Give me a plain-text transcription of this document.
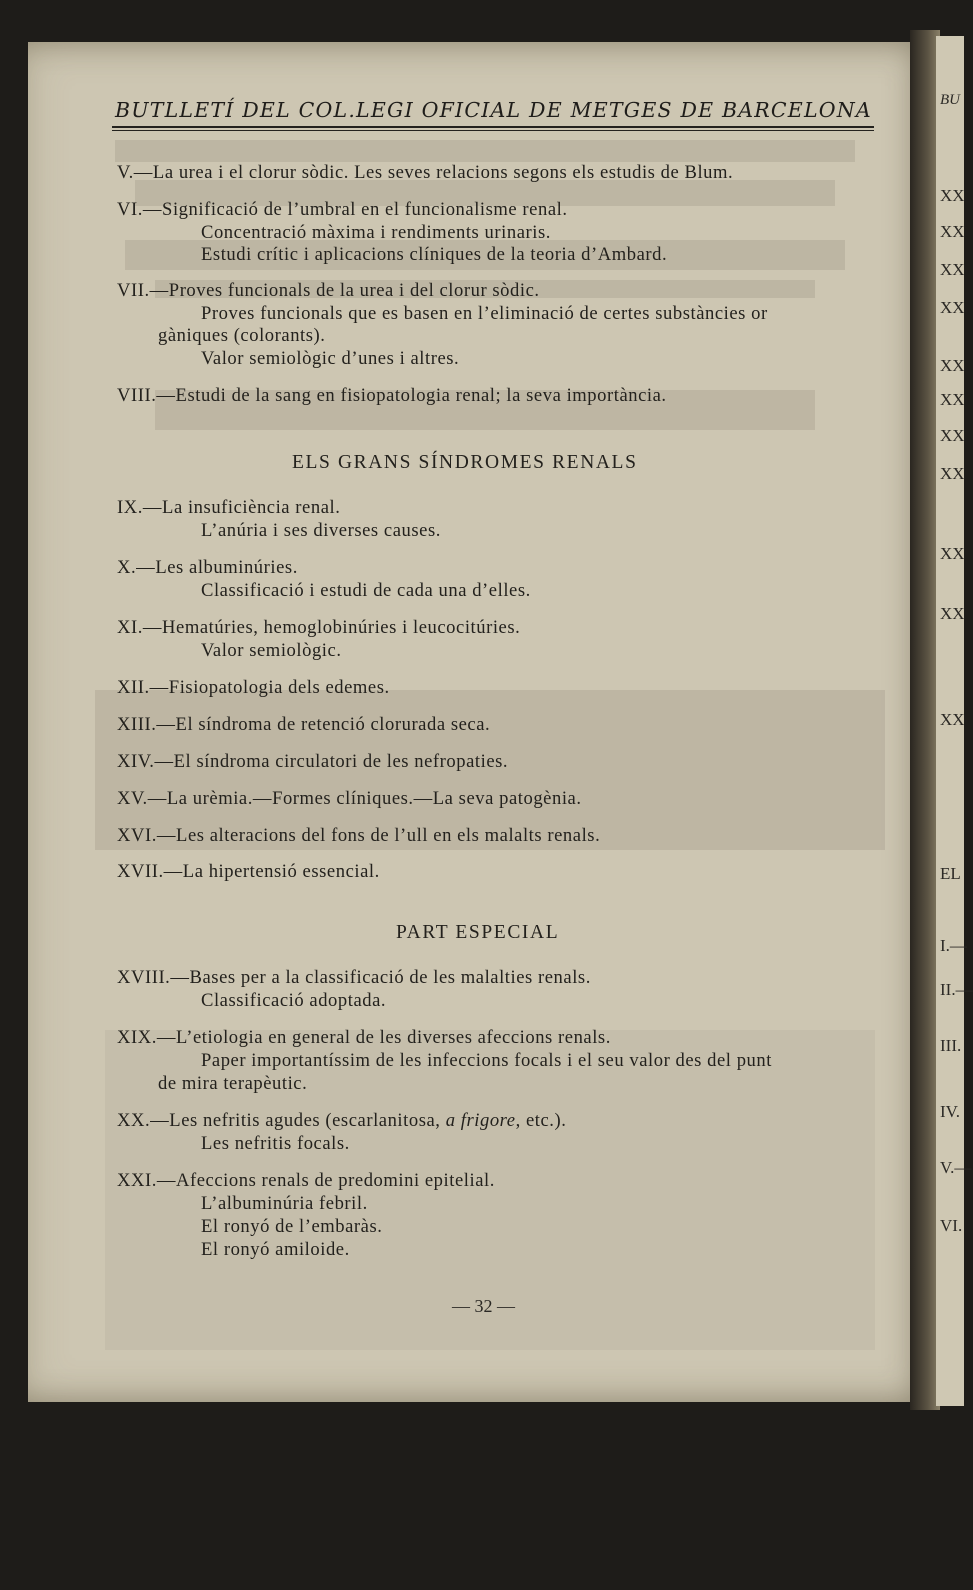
BU
XX
XX
XX
XX
XX
XX
XX
XX
XX
XX
XX
EL
I.—
II.—
III.
IV.
V.—
VI.
BUTLLETÍ DEL COL.LEGI OFICIAL DE METGES DE BARCELONA
V.—La urea i el clorur sòdic. Les seves relacions segons els estudis de Blum.
VI.—Significació de l’umbral en el funcionalisme renal.
Concentració màxima i rendiments urinaris.
Estudi crític i aplicacions clíniques de la teoria d’Ambard.
VII.—Proves funcionals de la urea i del clorur sòdic.
Proves funcionals que es basen en l’eliminació de certes substàncies or
gàniques (colorants).
Valor semiològic d’unes i altres.
VIII.—Estudi de la sang en fisiopatologia renal; la seva importància.
ELS GRANS SÍNDROMES RENALS
IX.—La insuficiència renal.
L’anúria i ses diverses causes.
X.—Les albuminúries.
Classificació i estudi de cada una d’elles.
XI.—Hematúries, hemoglobinúries i leucocitúries.
Valor semiològic.
XII.—Fisiopatologia dels edemes.
XIII.—El síndroma de retenció clorurada seca.
XIV.—El síndroma circulatori de les nefropaties.
XV.—La urèmia.—Formes clíniques.—La seva patogènia.
XVI.—Les alteracions del fons de l’ull en els malalts renals.
XVII.—La hipertensió essencial.
PART ESPECIAL
XVIII.—Bases per a la classificació de les malalties renals.
Classificació adoptada.
XIX.—L’etiologia en general de les diverses afeccions renals.
Paper importantíssim de les infeccions focals i el seu valor des del punt
de mira terapèutic.
XX.—Les nefritis agudes (escarlanitosa, a frigore, etc.).
Les nefritis focals.
XXI.—Afeccions renals de predomini epitelial.
L’albuminúria febril.
El ronyó de l’embaràs.
El ronyó amiloide.
— 32 —
